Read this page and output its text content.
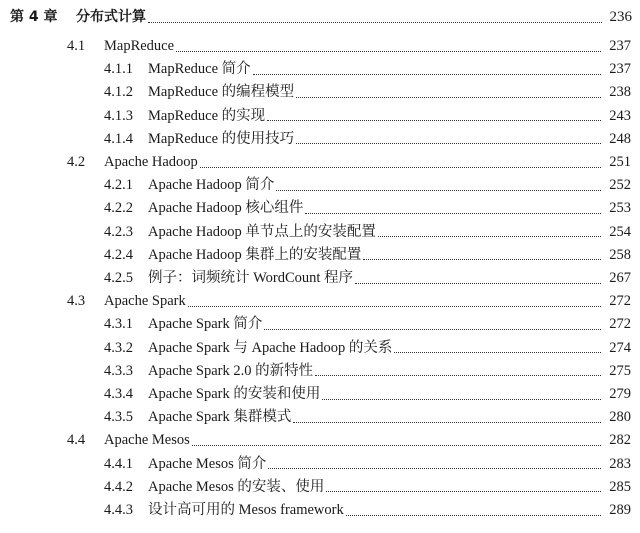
第 4 章 分布式计算	236
4.1 MapReduce	237
4.1.1 MapReduce 简介	237
4.1.2 MapReduce 的编程模型	238
4.1.3 MapReduce 的实现	243
4.1.4 MapReduce 的使用技巧	248
4.2 Apache Hadoop	251
4.2.1 Apache Hadoop 简介	252
4.2.2 Apache Hadoop 核心组件	253
4.2.3 Apache Hadoop 单节点上的安装配置	254
4.2.4 Apache Hadoop 集群上的安装配置	258
4.2.5 例子：词频统计 WordCount 程序	267
4.3 Apache Spark	272
4.3.1 Apache Spark 简介	272
4.3.2 Apache Spark 与 Apache Hadoop 的关系	274
4.3.3 Apache Spark 2.0 的新特性	275
4.3.4 Apache Spark 的安装和使用	279
4.3.5 Apache Spark 集群模式	280
4.4 Apache Mesos	282
4.4.1 Apache Mesos 简介	283
4.4.2 Apache Mesos 的安装、使用	285
4.4.3 设计高可用的 Mesos framework	289
